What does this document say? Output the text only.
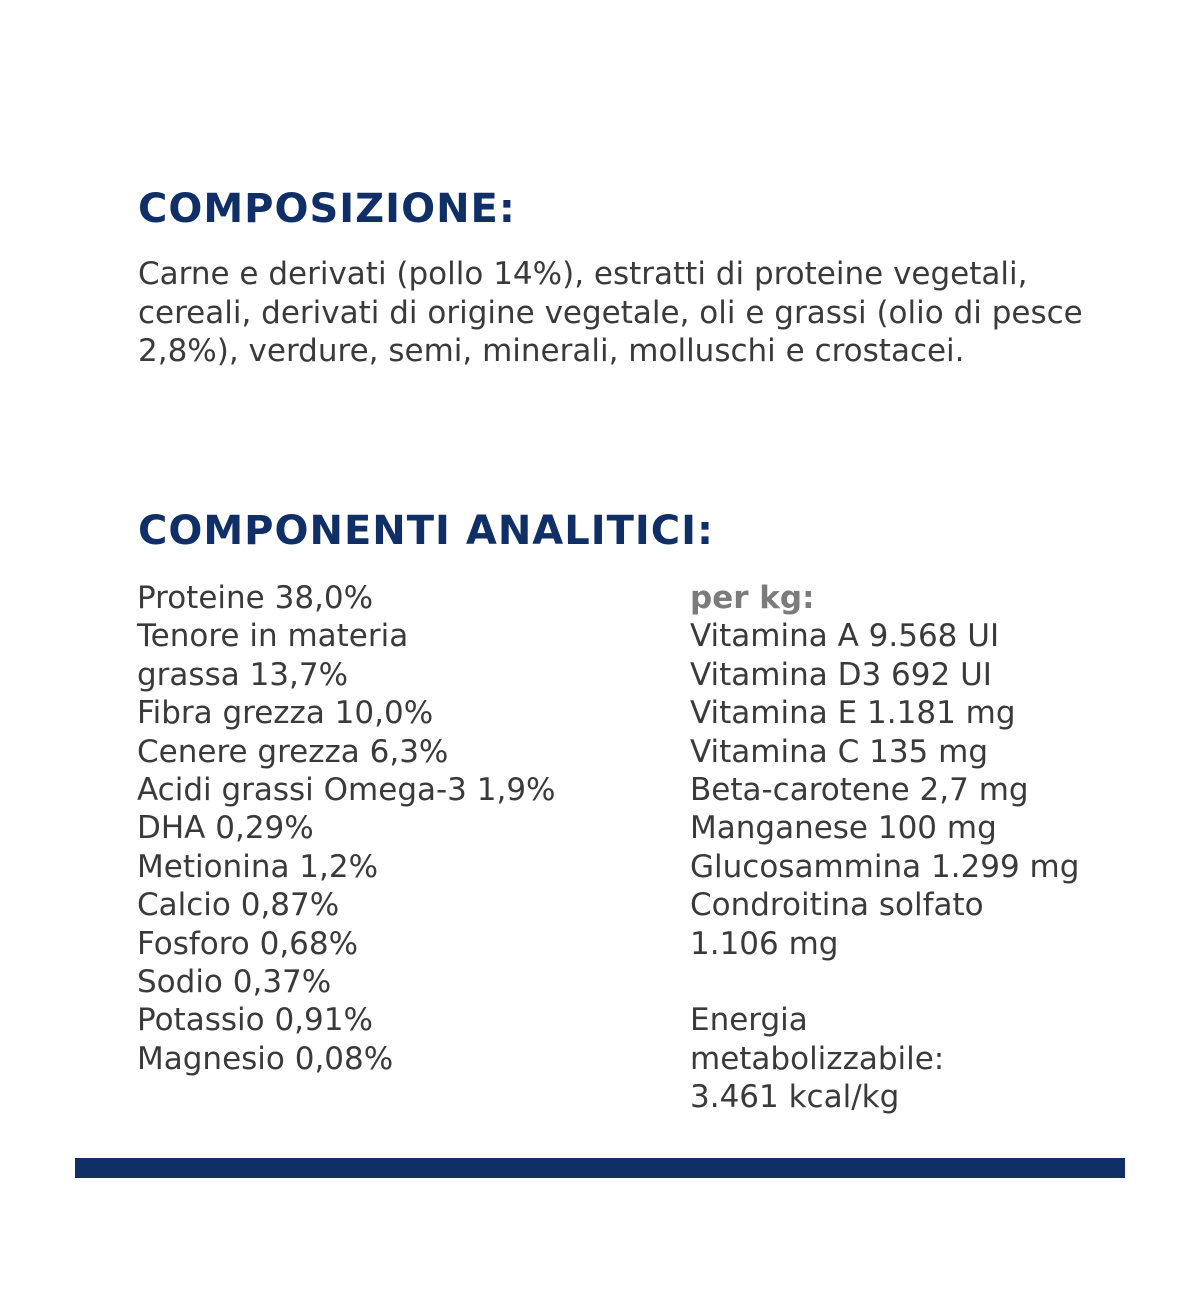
COMPOSIZIONE:

Carne e derivati (pollo 14%), estratti di proteine vegetali, cereali, derivati di origine vegetale, oli e grassi (olio di pesce 2,8%), verdure, semi, minerali, molluschi e crostacei.

COMPONENTI ANALITICI:
Proteine 38,0%
Tenore in materia
grassa 13,7%
Fibra grezza 10,0%
Cenere grezza 6,3%
Acidi grassi Omega-3 1,9%
DHA 0,29%
Metionina 1,2%
Calcio 0,87%
Fosforo 0,68%
Sodio 0,37%
Potassio 0,91%
Magnesio 0,08%
per kg:
Vitamina A 9.568 UI
Vitamina D3 692 UI
Vitamina E 1.181 mg
Vitamina C 135 mg
Beta-carotene 2,7 mg
Manganese 100 mg
Glucosammina 1.299 mg
Condroitina solfato
1.106 mg
Energia
metabolizzabile:
3.461 kcal/kg
